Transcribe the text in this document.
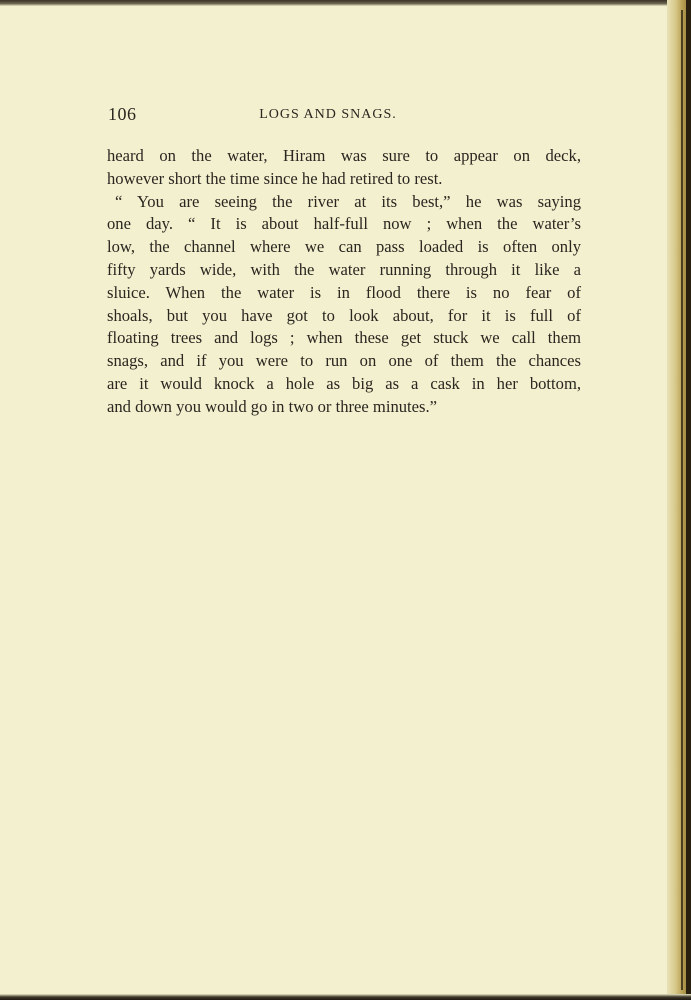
106	LOGS AND SNAGS.
heard on the water, Hiram was sure to appear on deck,
however short the time since he had retired to rest.
“ You are seeing the river at its best,” he was saying
one day. “ It is about half-full now ; when the water’s
low, the channel where we can pass loaded is often only
fifty yards wide, with the water running through it like a
sluice. When the water is in flood there is no fear of
shoals, but you have got to look about, for it is full of
floating trees and logs ; when these get stuck we call them
snags, and if you were to run on one of them the chances
are it would knock a hole as big as a cask in her bottom,
and down you would go in two or three minutes.”
